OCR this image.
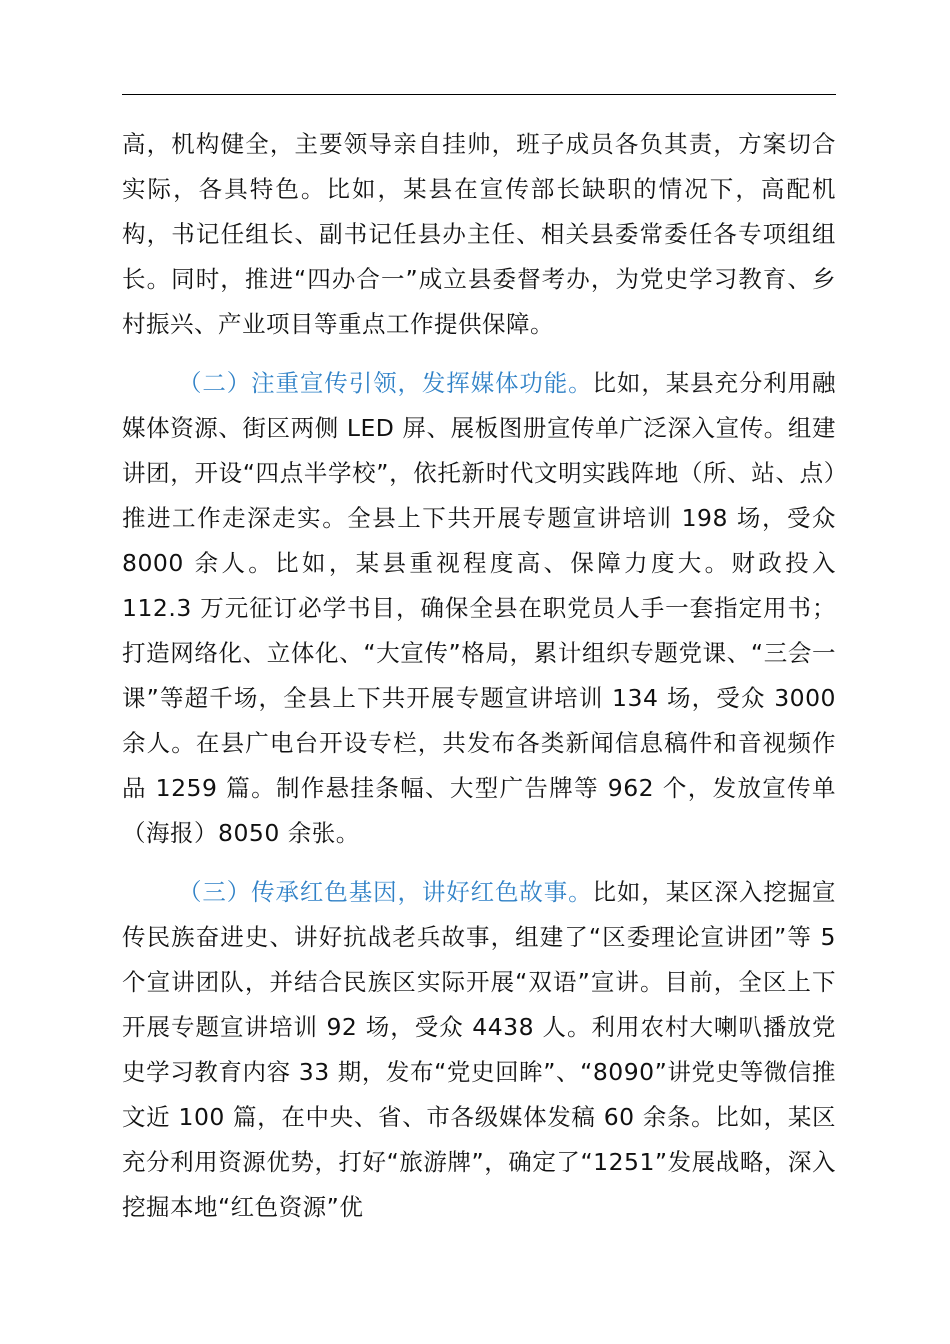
高，机构健全，主要领导亲自挂帅，班子成员各负其责，方案切合实际，各具特色。比如，某县在宣传部长缺职的情况下，高配机构，书记任组长、副书记任县办主任、相关县委常委任各专项组组长。同时，推进“四办合一”成立县委督考办，为党史学习教育、乡村振兴、产业项目等重点工作提供保障。

（二）注重宣传引领，发挥媒体功能。比如，某县充分利用融媒体资源、街区两侧 LED 屏、展板图册宣传单广泛深入宣传。组建讲团，开设“四点半学校”，依托新时代文明实践阵地（所、站、点）推进工作走深走实。全县上下共开展专题宣讲培训 198 场，受众 8000 余人。比如，某县重视程度高、保障力度大。财政投入 112.3 万元征订必学书目，确保全县在职党员人手一套指定用书；打造网络化、立体化、“大宣传”格局，累计组织专题党课、“三会一课”等超千场，全县上下共开展专题宣讲培训 134 场，受众 3000 余人。在县广电台开设专栏，共发布各类新闻信息稿件和音视频作品 1259 篇。制作悬挂条幅、大型广告牌等 962 个，发放宣传单（海报）8050 余张。

（三）传承红色基因，讲好红色故事。比如，某区深入挖掘宣传民族奋进史、讲好抗战老兵故事，组建了“区委理论宣讲团”等 5 个宣讲团队，并结合民族区实际开展“双语”宣讲。目前，全区上下开展专题宣讲培训 92 场，受众 4438 人。利用农村大喇叭播放党史学习教育内容 33 期，发布“党史回眸”、“8090”讲党史等微信推文近 100 篇，在中央、省、市各级媒体发稿 60 余条。比如，某区充分利用资源优势，打好“旅游牌”，确定了“1251”发展战略，深入挖掘本地“红色资源”优
